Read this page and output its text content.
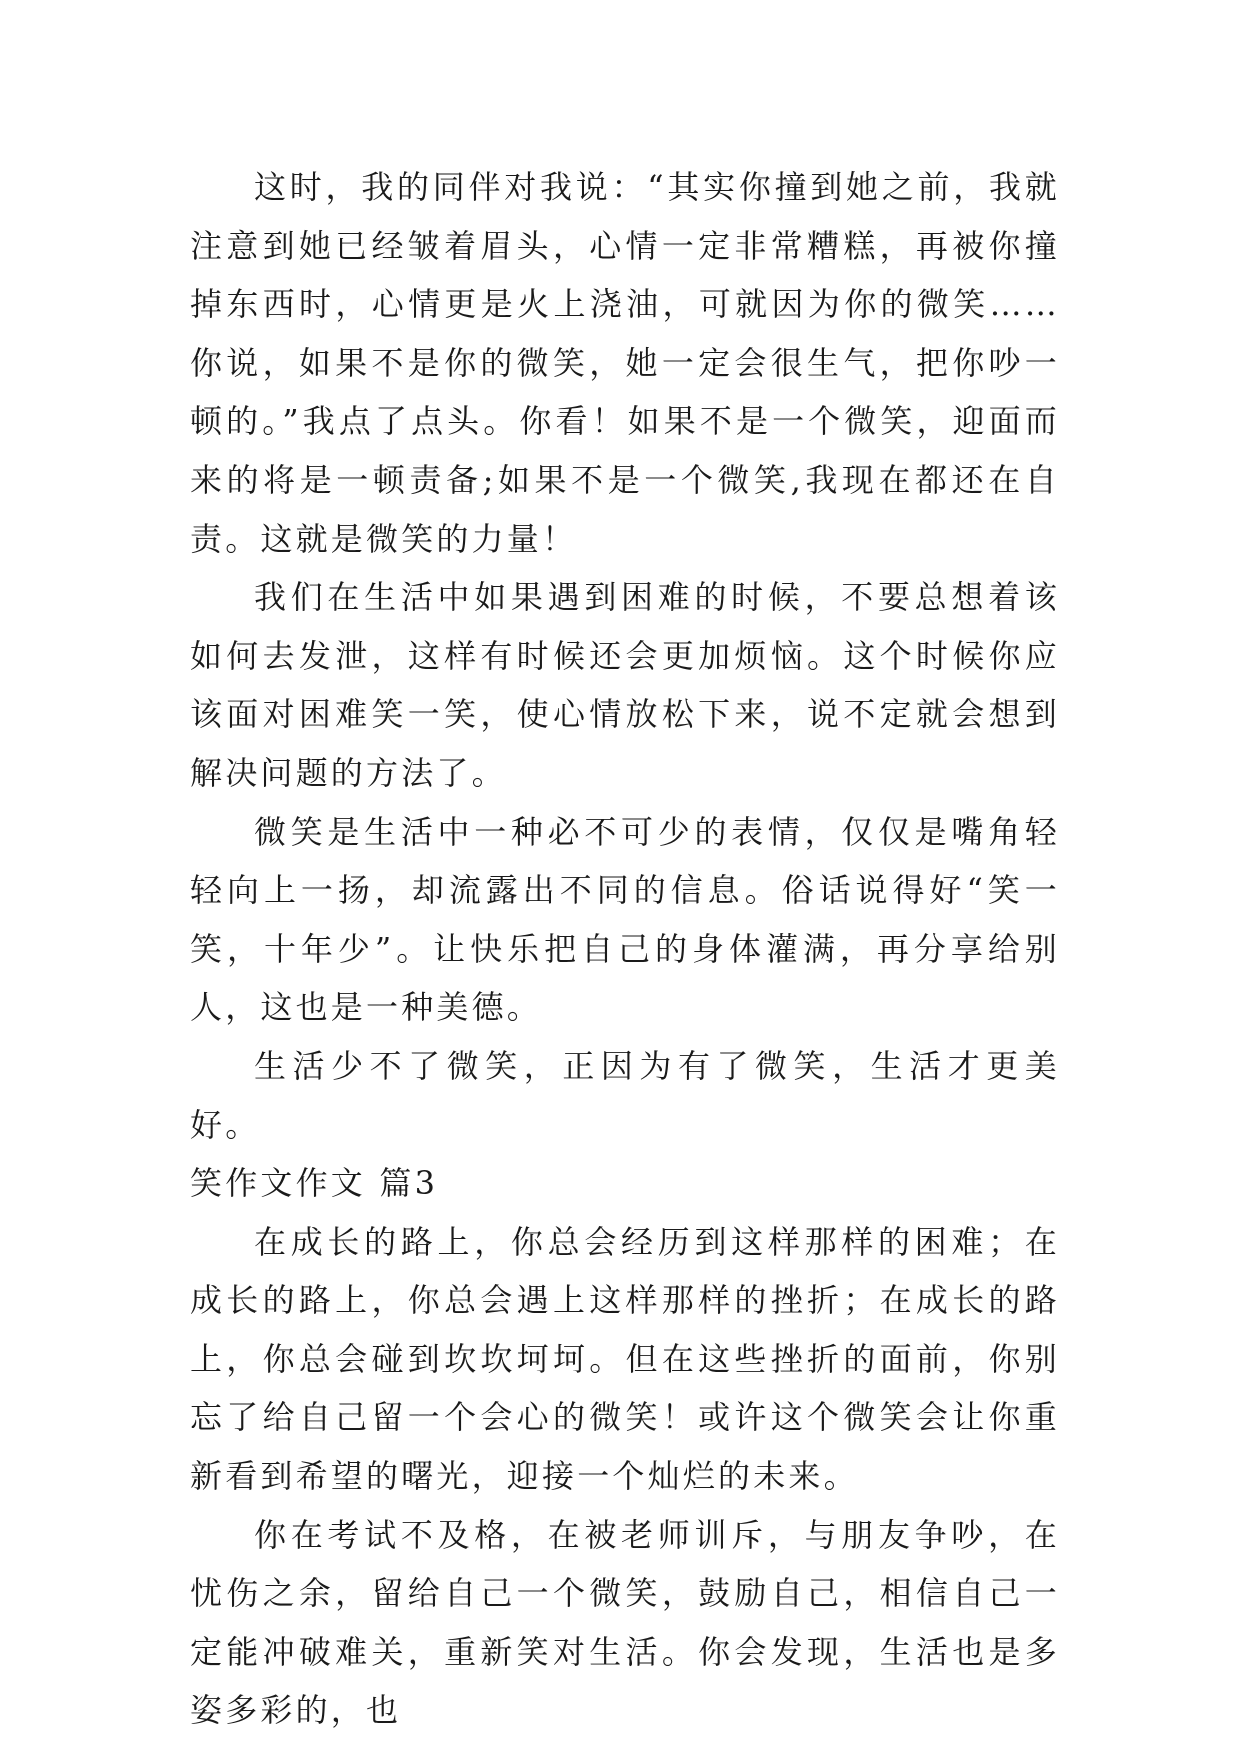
这时，我的同伴对我说：“其实你撞到她之前，我就注意到她已经皱着眉头，心情一定非常糟糕，再被你撞掉东西时，心情更是火上浇油，可就因为你的微笑……你说，如果不是你的微笑，她一定会很生气，把你吵一顿的。”我点了点头。你看！如果不是一个微笑，迎面而来的将是一顿责备;如果不是一个微笑,我现在都还在自责。这就是微笑的力量！

我们在生活中如果遇到困难的时候，不要总想着该如何去发泄，这样有时候还会更加烦恼。这个时候你应该面对困难笑一笑，使心情放松下来，说不定就会想到解决问题的方法了。

微笑是生活中一种必不可少的表情，仅仅是嘴角轻轻向上一扬，却流露出不同的信息。俗话说得好“笑一笑，十年少”。让快乐把自己的身体灌满，再分享给别人，这也是一种美德。

生活少不了微笑，正因为有了微笑，生活才更美好。

笑作文作文 篇3

在成长的路上，你总会经历到这样那样的困难；在成长的路上，你总会遇上这样那样的挫折；在成长的路上，你总会碰到坎坎坷坷。但在这些挫折的面前，你别忘了给自己留一个会心的微笑！或许这个微笑会让你重新看到希望的曙光，迎接一个灿烂的未来。

你在考试不及格，在被老师训斥，与朋友争吵，在忧伤之余，留给自己一个微笑，鼓励自己，相信自己一定能冲破难关，重新笑对生活。你会发现，生活也是多姿多彩的，也
